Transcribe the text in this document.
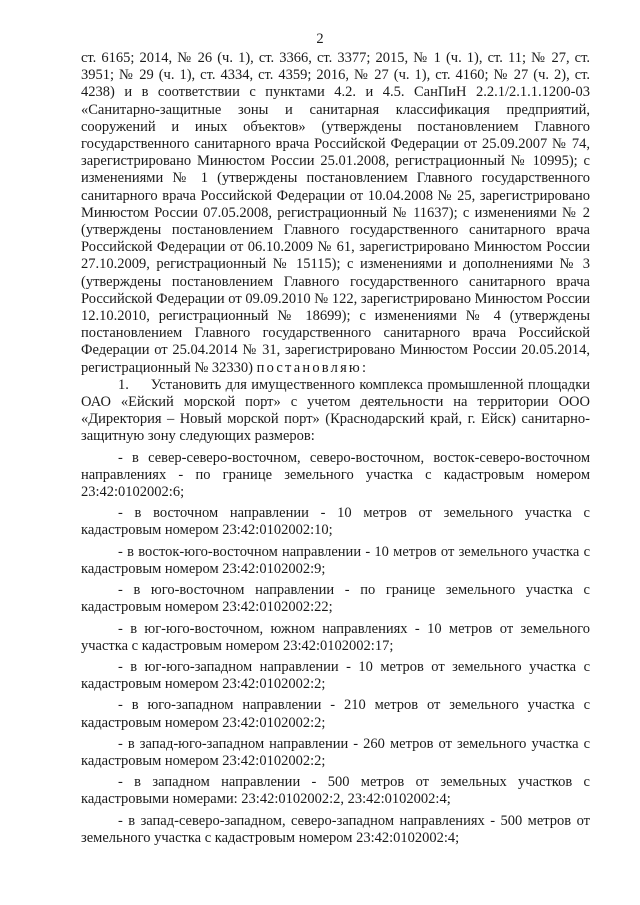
2

ст. 6165; 2014, № 26 (ч. 1), ст. 3366, ст. 3377; 2015, № 1 (ч. 1), ст. 11; № 27, ст. 3951; № 29 (ч. 1), ст. 4334, ст. 4359; 2016, № 27 (ч. 1), ст. 4160; № 27 (ч. 2), ст. 4238) и в соответствии с пунктами 4.2. и 4.5. СанПиН 2.2.1/2.1.1.1200-03 «Санитарно-защитные зоны и санитарная классификация предприятий, сооружений и иных объектов» (утверждены постановлением Главного государственного санитарного врача Российской Федерации от 25.09.2007 № 74, зарегистрировано Минюстом России 25.01.2008, регистрационный № 10995); с изменениями № 1 (утверждены постановлением Главного государственного санитарного врача Российской Федерации от 10.04.2008 № 25, зарегистрировано Минюстом России 07.05.2008, регистрационный № 11637); с изменениями № 2 (утверждены постановлением Главного государственного санитарного врача Российской Федерации от 06.10.2009 № 61, зарегистрировано Минюстом России 27.10.2009, регистрационный № 15115); с изменениями и дополнениями № 3 (утверждены постановлением Главного государственного санитарного врача Российской Федерации от 09.09.2010 № 122, зарегистрировано Минюстом России 12.10.2010, регистрационный № 18699); с изменениями № 4 (утверждены постановлением Главного государственного санитарного врача Российской Федерации от 25.04.2014 № 31, зарегистрировано Минюстом России 20.05.2014, регистрационный № 32330) постановляю:

1.     Установить для имущественного комплекса промышленной площадки ОАО «Ейский морской порт» с учетом деятельности на территории ООО «Директория – Новый морской порт» (Краснодарский край, г. Ейск) санитарно-защитную зону следующих размеров:

- в север-северо-восточном, северо-восточном, восток-северо-восточном направлениях - по границе земельного участка с кадастровым номером 23:42:0102002:6;

- в восточном направлении - 10 метров от земельного участка с кадастровым номером 23:42:0102002:10;

- в восток-юго-восточном направлении - 10 метров от земельного участка с кадастровым номером 23:42:0102002:9;

- в юго-восточном направлении - по границе земельного участка с кадастровым номером 23:42:0102002:22;

- в юг-юго-восточном, южном направлениях - 10 метров от земельного участка с кадастровым номером 23:42:0102002:17;

- в юг-юго-западном направлении - 10 метров от земельного участка с кадастровым номером 23:42:0102002:2;

- в юго-западном направлении - 210 метров от земельного участка с кадастровым номером 23:42:0102002:2;

- в запад-юго-западном направлении - 260 метров от земельного участка с кадастровым номером 23:42:0102002:2;

- в западном направлении - 500 метров от земельных участков с кадастровыми номерами: 23:42:0102002:2, 23:42:0102002:4;

- в запад-северо-западном, северо-западном направлениях - 500 метров от земельного участка с кадастровым номером 23:42:0102002:4;
